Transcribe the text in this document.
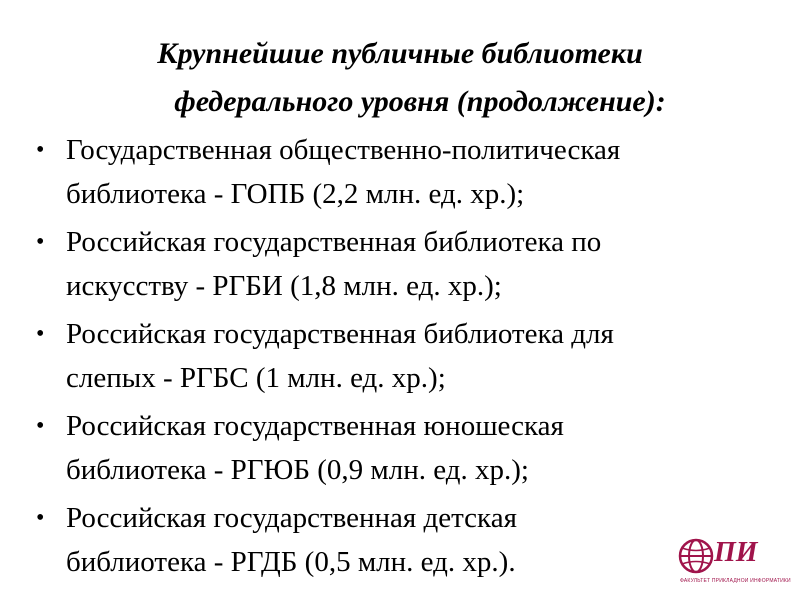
Крупнейшие публичные библиотеки
федерального уровня (продолжение):
• Государственная общественно-политическая
библиотека - ГОПБ (2,2 млн. ед. хр.);
• Российская государственная библиотека по
искусству - РГБИ (1,8 млн. ед. хр.);
• Российская государственная библиотека для
слепых - РГБС (1 млн. ед. хр.);
• Российская государственная юношеская
библиотека - РГЮБ (0,9 млн. ед. хр.);
• Российская государственная детская
библиотека - РГДБ (0,5 млн. ед. хр.).	ПИ
ФАКУЛЬТЕТ ПРИКЛАДНОЙ ИНФОРМАТИКИ
